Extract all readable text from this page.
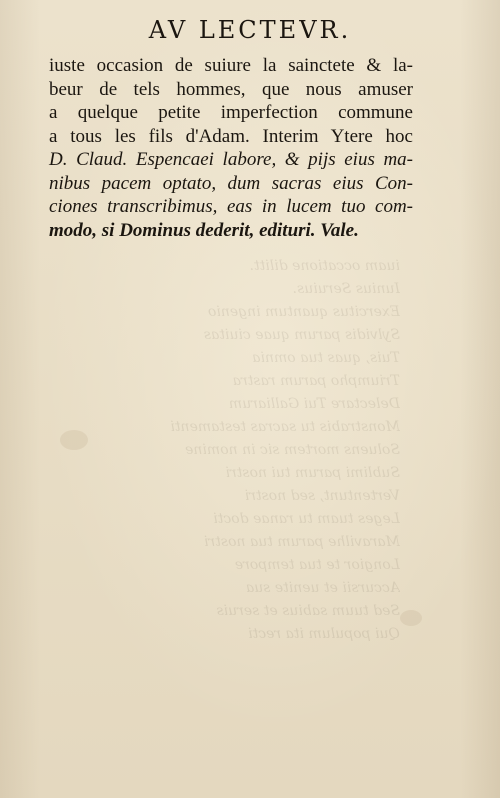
iuam occatione dilitt.
Iunius Seruius.
Exercitus quantum ingenio
Sylvidis parum quae ciuitas
Tuis, quas tua omnia
Triumpho parum rastra
Delectare Tui Galliarum
Monstrabis tu sacras testamenti
Soluens mortem sic in nomine
Sublimi parum tui nostri
Vertentunt, sed nostri
Leges tuam tu ranae docti
Maravilhe parum tua nostri
Longior te tua tempore
Accursii et uenite sua
Sed tuum sabius et seruis
Qui populum ita recti
AV LECTEVR.
iuste occasion de suiure la sainctete & la-
beur de tels hommes, que nous amuser
a quelque petite imperfection commune
a tous les fils d'Adam. Interim Ytere hoc
D. Claud. Espencaei labore, & pijs eius ma-
nibus pacem optato, dum sacras eius Con-
ciones transcribimus, eas in lucem tuo com-
modo, si Dominus dederit, edituri. Vale.
